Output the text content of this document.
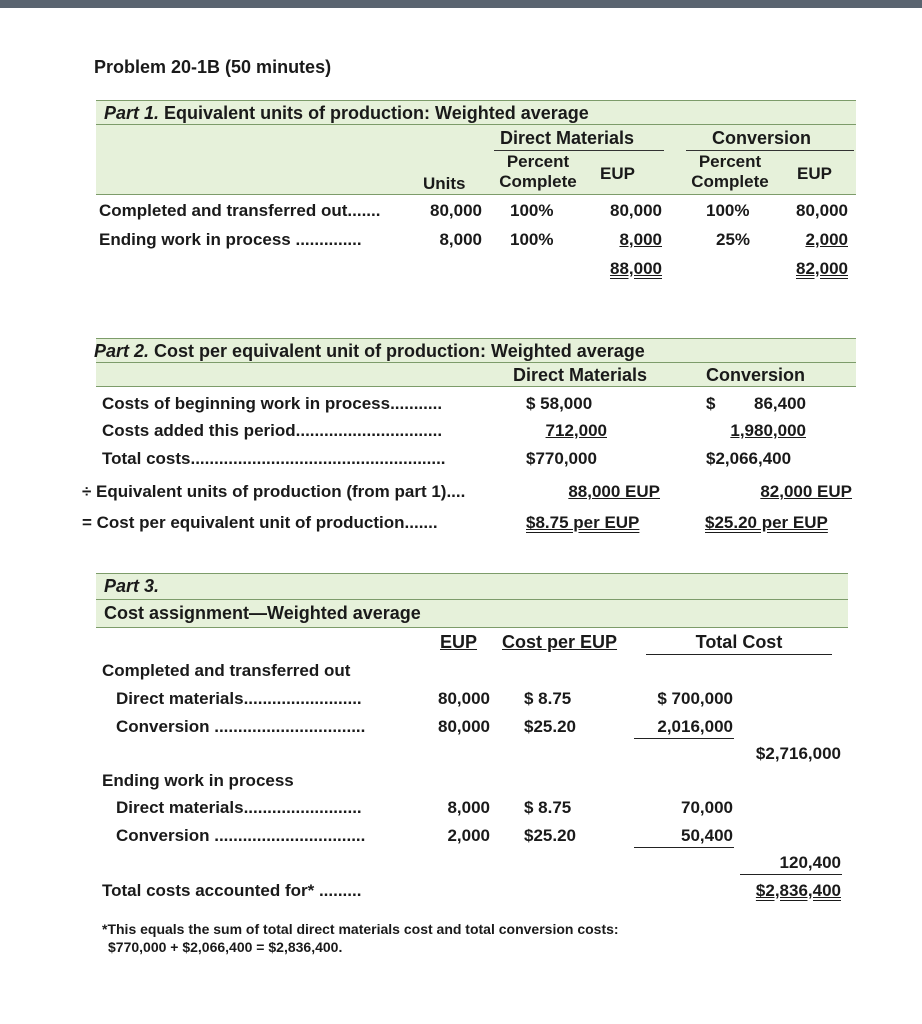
Problem 20-1B (50 minutes)
Part 1. Equivalent units of production: Weighted average
Direct Materials	Conversion
Units
Percent
Complete	EUP
Percent
Complete	EUP
Completed and transferred out.......	80,000 100%	80,000	100%	80,000
Ending work in process ..............	8,000 100%	8,000	25%	2,000
88,000	82,000
Part 2. Cost per equivalent unit of production: Weighted average
Direct Materials	Conversion
Costs of beginning work in process...........	$ 58,000	$	86,400
Costs added this period...............................	712,000	1,980,000
Total costs......................................................	$770,000	$2,066,400
÷ Equivalent units of production (from part 1)....	88,000 EUP	82,000 EUP
= Cost per equivalent unit of production.......	$8.75 per EUP	$25.20 per EUP
Part 3.
Cost assignment—Weighted average
EUP Cost per EUP	Total Cost
Completed and transferred out
Direct materials.........................	80,000 $ 8.75	$ 700,000
Conversion ................................	80,000 $25.20	2,016,000
$2,716,000
Ending work in process
Direct materials.........................	8,000 $ 8.75	70,000
Conversion ................................	2,000 $25.20	50,400
120,400
Total costs accounted for* .........	$2,836,400
*This equals the sum of total direct materials cost and total conversion costs:
$770,000 + $2,066,400 = $2,836,400.
